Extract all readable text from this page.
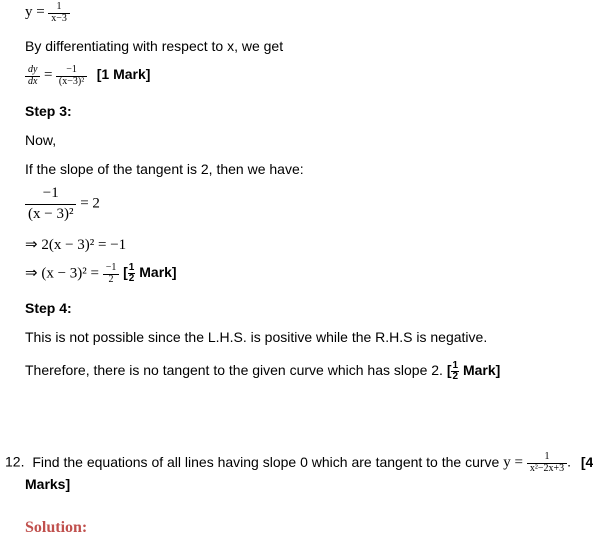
$y = \frac{1}{x-3}$
By differentiating with respect to x, we get
$\frac{dy}{dx} = \frac{-1}{\text{(x−3)²}} [1$ Mark]
Step 3:
Now,
If the slope of the tangent is 2, then we have:
$\frac{-1}{\text{(x − 3)²}} = 2$
⇒ 2(x − 3)² = −1
⇒ $(x - 3)^2 = \frac{-1}{2}$ [ $\frac{1}{2}$ Mark]
Step 4:
This is not possible since the L.H.S. is positive while the R.H.S is negative.
Therefore, there is no tangent to the given curve which has slope 2. [ $\frac{1}{2}$ Mark]
12. Find the equations of all lines having slope 0 which are tangent to the curve $y = \frac{1}{\text{x²−2x+3}}$ . [4
Marks]
Solution:
